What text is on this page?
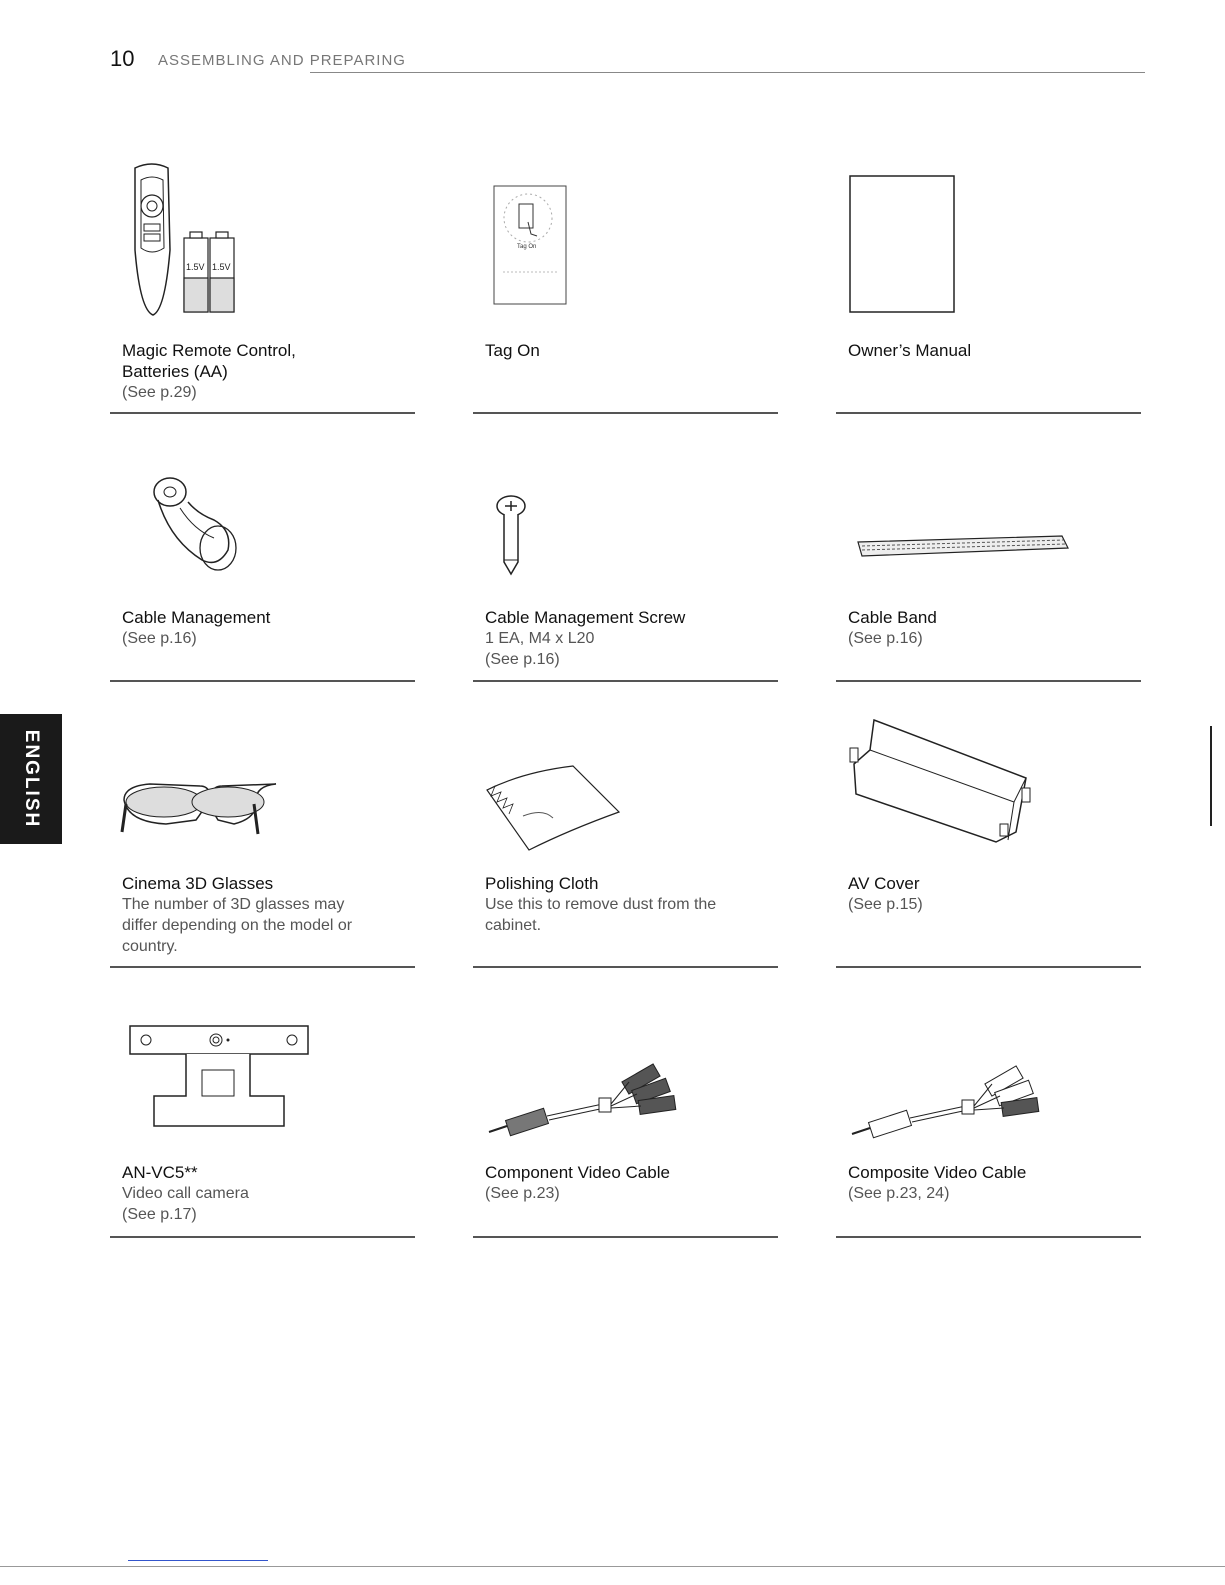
10 ASSEMBLING AND PREPARING
ENGLISH
1.5V 1.5V
Magic Remote Control,
Batteries (AA)
(See p.29)
Tag On
Tag On	Owner’s Manual
Cable Management
(See p.16)
Cable Management Screw
1 EA, M4 x L20
(See p.16)
Cable Band
(See p.16)
Cinema 3D Glasses
The number of 3D glasses may
differ depending on the model or
country.
Polishing Cloth
Use this to remove dust from the
cabinet.
AV Cover
(See p.15)
AN-VC5**
Video call camera
(See p.17)
Component Video Cable
(See p.23)
Composite Video Cable
(See p.23, 24)
